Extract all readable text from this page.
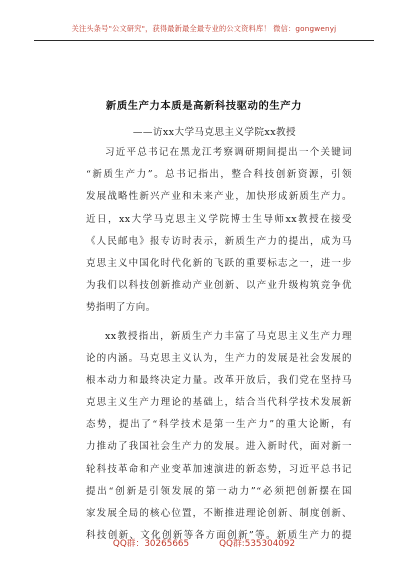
关注头条号"公文研究"，获得最新最全最专业的公文资料库！ 微信：gongwenyj
新质生产力本质是高新科技驱动的生产力
——访xx大学马克思主义学院xx教授
习近平总书记在黑龙江考察调研期间提出一个关键词
“新质生产力”。总书记指出，整合科技创新资源，引领
发展战略性新兴产业和未来产业，加快形成新质生产力。
近日，xx大学马克思主义学院博士生导师xx教授在接受
《人民邮电》报专访时表示，新质生产力的提出，成为马
克思主义中国化时代化新的飞跃的重要标志之一，进一步
为我们以科技创新推动产业创新、以产业升级构筑竞争优
势指明了方向。
xx教授指出，新质生产力丰富了马克思主义生产力理
论的内涵。马克思主义认为，生产力的发展是社会发展的
根本动力和最终决定力量。改革开放后，我们党在坚持马
克思主义生产力理论的基础上，结合当代科学技术发展新
态势，提出了“科学技术是第一生产力”的重大论断，有
力推动了我国社会生产力的发展。进入新时代，面对新一
轮科技革命和产业变革加速演进的新态势，习近平总书记
提出“创新是引领发展的第一动力”“必须把创新摆在国
家发展全局的核心位置，不断推进理论创新、制度创新、
科技创新、文化创新等各方面创新”等。新质生产力的提
QQ群：30265665	QQ群:535304092
